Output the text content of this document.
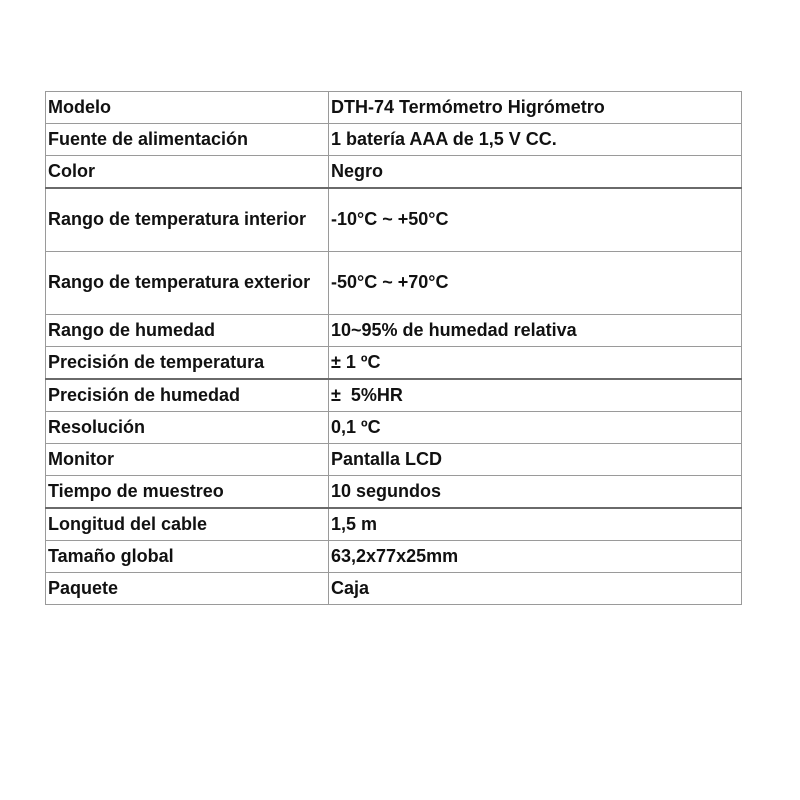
Modelo	DTH-74 Termómetro Higrómetro
Fuente de alimentación	1 batería AAA de 1,5 V CC.
Color	Negro
Rango de temperatura interior	-10°C ~ +50°C
Rango de temperatura exterior	-50°C ~ +70°C
Rango de humedad	10~95% de humedad relativa
Precisión de temperatura	± 1 ºC
Precisión de humedad	±  5%HR
Resolución	0,1 ºC
Monitor	Pantalla LCD
Tiempo de muestreo	10 segundos
Longitud del cable	1,5 m
Tamaño global	63,2x77x25mm
Paquete	Caja
